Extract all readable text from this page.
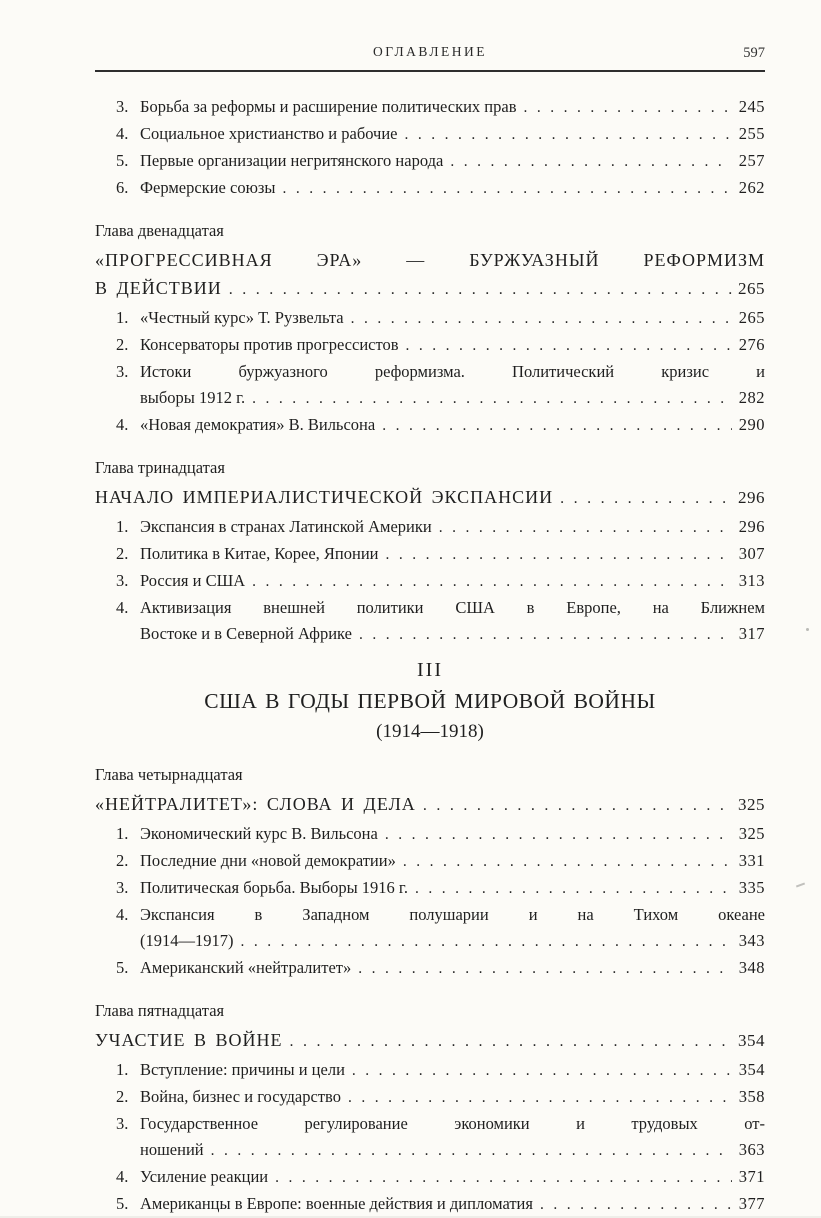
ОГЛАВЛЕНИЕ	597
3. Борьба за реформы и расширение политических прав .....	245
4. Социальное христианство и рабочие .....	255
5. Первые организации негритянского народа .....	257
6. Фермерские союзы .....	262
Глава двенадцатая
«ПРОГРЕССИВНАЯ ЭРА» — БУРЖУАЗНЫЙ РЕФОРМИЗМ
В ДЕЙСТВИИ .....	265
1. «Честный курс» Т. Рузвельта .....	265
2. Консерваторы против прогрессистов .....	276
3. Истоки буржуазного реформизма. Политический кризис и
выборы 1912 г. .....	282
4. «Новая демократия» В. Вильсона .....	290
Глава тринадцатая
НАЧАЛО ИМПЕРИАЛИСТИЧЕСКОЙ ЭКСПАНСИИ .....	296
1. Экспансия в странах Латинской Америки .....	296
2. Политика в Китае, Корее, Японии .....	307
3. Россия и США .....	313
4. Активизация внешней политики США в Европе, на Ближнем
Востоке и в Северной Африке .....	317
III
США В ГОДЫ ПЕРВОЙ МИРОВОЙ ВОЙНЫ
(1914—1918)
Глава четырнадцатая
«НЕЙТРАЛИТЕТ»: СЛОВА И ДЕЛА .....	325
1. Экономический курс В. Вильсона .....	325
2. Последние дни «новой демократии» .....	331
3. Политическая борьба. Выборы 1916 г. .....	335
4. Экспансия в Западном полушарии и на Тихом океане
(1914—1917) .....	343
5. Американский «нейтралитет» .....	348
Глава пятнадцатая
УЧАСТИЕ В ВОЙНЕ .....	354
1. Вступление: причины и цели .....	354
2. Война, бизнес и государство .....	358
3. Государственное регулирование экономики и трудовых от-
ношений .....	363
4. Усиление реакции .....	371
5. Американцы в Европе: военные действия и дипломатия .....	377
